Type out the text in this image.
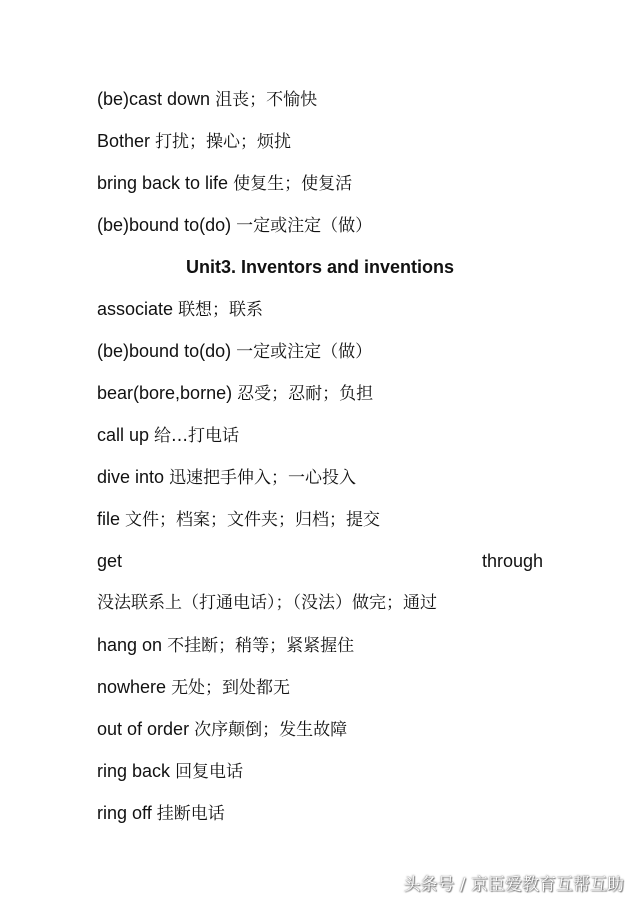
(be)cast down 沮丧；不愉快
Bother 打扰；操心；烦扰
bring back to life 使复生；使复活
(be)bound to(do) 一定或注定（做）
Unit3. Inventors and inventions
associate 联想；联系
(be)bound to(do) 一定或注定（做）
bear(bore,borne) 忍受；忍耐；负担
call up 给…打电话
dive into 迅速把手伸入；一心投入
file 文件；档案；文件夹；归档；提交
get	through
没法联系上（打通电话）；（没法）做完；通过
hang on 不挂断；稍等；紧紧握住
nowhere 无处；到处都无
out of order 次序颠倒；发生故障
ring back 回复电话
ring off 挂断电话
头条号 / 京臣爱教育互帮互助
